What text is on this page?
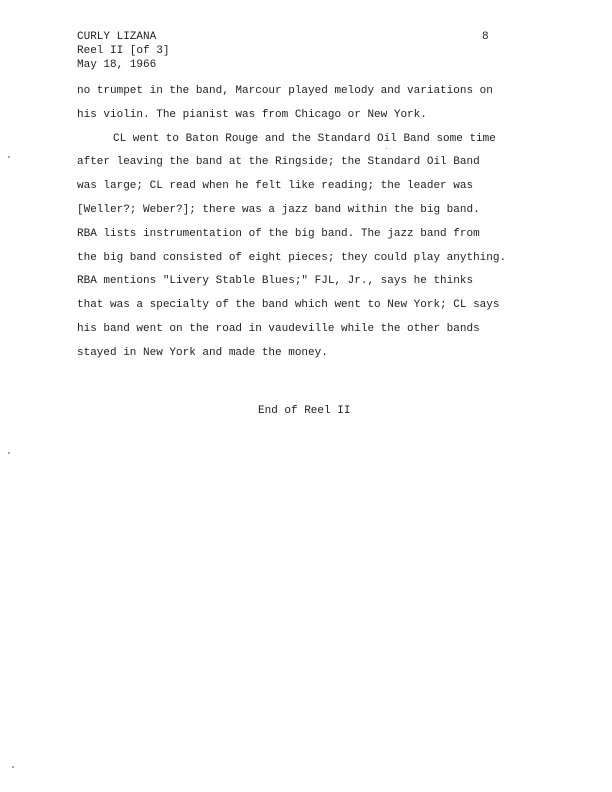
CURLY LIZANA
Reel II [of 3]
May 18, 1966
8

no trumpet in the band, Marcour played melody and variations on

his violin. The pianist was from Chicago or New York.

CL went to Baton Rouge and the Standard Oil Band some time

after leaving the band at the Ringside; the Standard Oil Band

was large; CL read when he felt like reading; the leader was

[Weller?; Weber?]; there was a jazz band within the big band.

RBA lists instrumentation of the big band. The jazz band from

the big band consisted of eight pieces; they could play anything.

RBA mentions "Livery Stable Blues;" FJL, Jr., says he thinks

that was a specialty of the band which went to New York; CL says

his band went on the road in vaudeville while the other bands

stayed in New York and made the money.

End of Reel II
